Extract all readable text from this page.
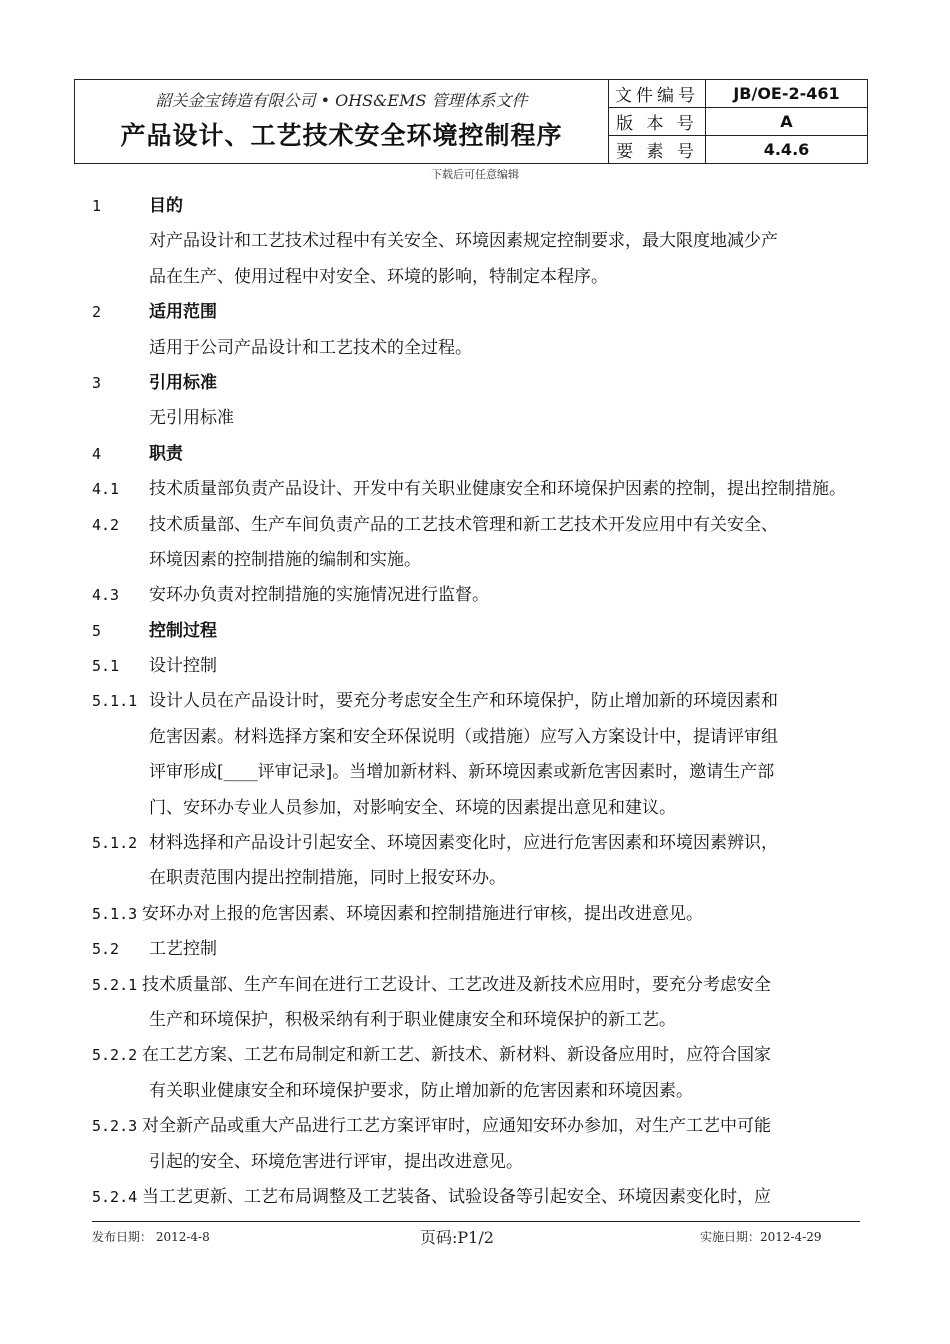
韶关金宝铸造有限公司 • OHS&EMS 管理体系文件
产品设计、工艺技术安全环境控制程序
文件编号	JB/OE-2-461
版 本 号	A
要 素 号	4.4.6
下载后可任意编辑
1	目的
对产品设计和工艺技术过程中有关安全、环境因素规定控制要求，最大限度地减少产
品在生产、使用过程中对安全、环境的影响，特制定本程序。
2	适用范围
适用于公司产品设计和工艺技术的全过程。
3	引用标准
无引用标准
4	职责
4.1 技术质量部负责产品设计、开发中有关职业健康安全和环境保护因素的控制，提出控制措施。
4.2 技术质量部、生产车间负责产品的工艺技术管理和新工艺技术开发应用中有关安全、
环境因素的控制措施的编制和实施。
4.3 安环办负责对控制措施的实施情况进行监督。
5	控制过程
5.1 设计控制
5.1.1 设计人员在产品设计时，要充分考虑安全生产和环境保护，防止增加新的环境因素和
危害因素。材料选择方案和安全环保说明（或措施）应写入方案设计中，提请评审组
评审形成[____评审记录]。当增加新材料、新环境因素或新危害因素时，邀请生产部
门、安环办专业人员参加，对影响安全、环境的因素提出意见和建议。
5.1.2 材料选择和产品设计引起安全、环境因素变化时，应进行危害因素和环境因素辨识，
在职责范围内提出控制措施，同时上报安环办。
5.1.3 安环办对上报的危害因素、环境因素和控制措施进行审核，提出改进意见。
5.2 工艺控制
5.2.1 技术质量部、生产车间在进行工艺设计、工艺改进及新技术应用时，要充分考虑安全
生产和环境保护，积极采纳有利于职业健康安全和环境保护的新工艺。
5.2.2 在工艺方案、工艺布局制定和新工艺、新技术、新材料、新设备应用时，应符合国家
有关职业健康安全和环境保护要求，防止增加新的危害因素和环境因素。
5.2.3 对全新产品或重大产品进行工艺方案评审时，应通知安环办参加，对生产工艺中可能
引起的安全、环境危害进行评审，提出改进意见。
5.2.4 当工艺更新、工艺布局调整及工艺装备、试验设备等引起安全、环境因素变化时，应
发布日期： 2012-4-8	页码:P1/2	实施日期：2012-4-29
